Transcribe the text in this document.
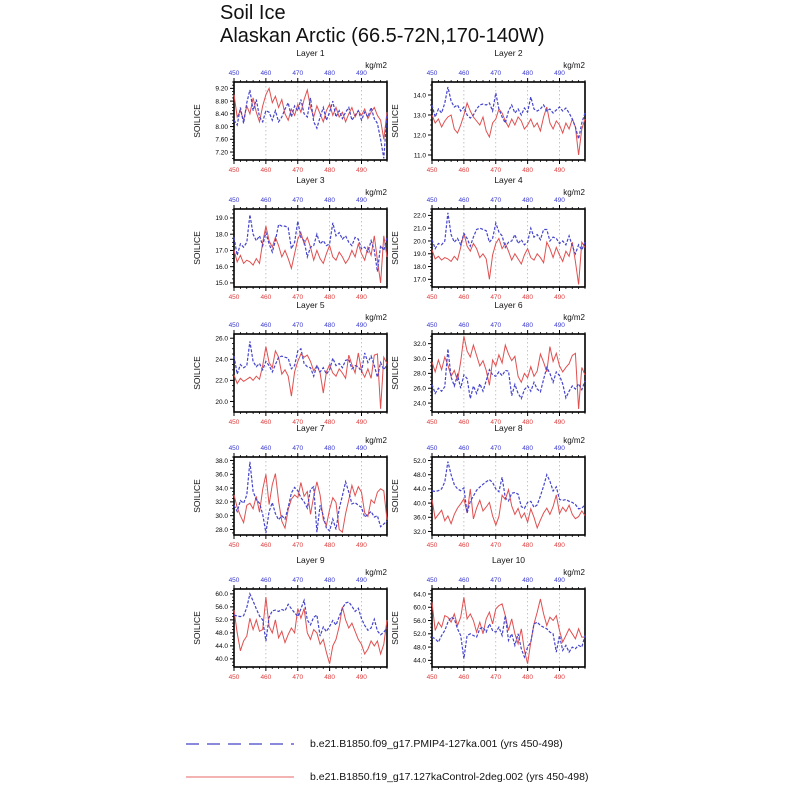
Soil Ice
Alaskan Arctic (66.5-72N,170-140W)
450
450
460
460
470
470
480
480
490
490
7.20
7.60
8.00
8.40
8.80
9.20
Layer 1
kg/m2
SOILICE
450
450
460
460
470
470
480
480
490
490
11.0
12.0
13.0
14.0
Layer 2
kg/m2
SOILICE
450
450
460
460
470
470
480
480
490
490
15.0
16.0
17.0
18.0
19.0
Layer 3
kg/m2
SOILICE
450
450
460
460
470
470
480
480
490
490
17.0
18.0
19.0
20.0
21.0
22.0
Layer 4
kg/m2
SOILICE
450
450
460
460
470
470
480
480
490
490
20.0
22.0
24.0
26.0
Layer 5
kg/m2
SOILICE
450
450
460
460
470
470
480
480
490
490
24.0
26.0
28.0
30.0
32.0
Layer 6
kg/m2
SOILICE
450
450
460
460
470
470
480
480
490
490
28.0
30.0
32.0
34.0
36.0
38.0
Layer 7
kg/m2
SOILICE
450
450
460
460
470
470
480
480
490
490
32.0
36.0
40.0
44.0
48.0
52.0
Layer 8
kg/m2
SOILICE
450
450
460
460
470
470
480
480
490
490
40.0
44.0
48.0
52.0
56.0
60.0
Layer 9
kg/m2
SOILICE
450
450
460
460
470
470
480
480
490
490
44.0
48.0
52.0
56.0
60.0
64.0
Layer 10
kg/m2
SOILICE
b.e21.B1850.f09_g17.PMIP4-127ka.001 (yrs 450-498)
b.e21.B1850.f19_g17.127kaControl-2deg.002 (yrs 450-498)
